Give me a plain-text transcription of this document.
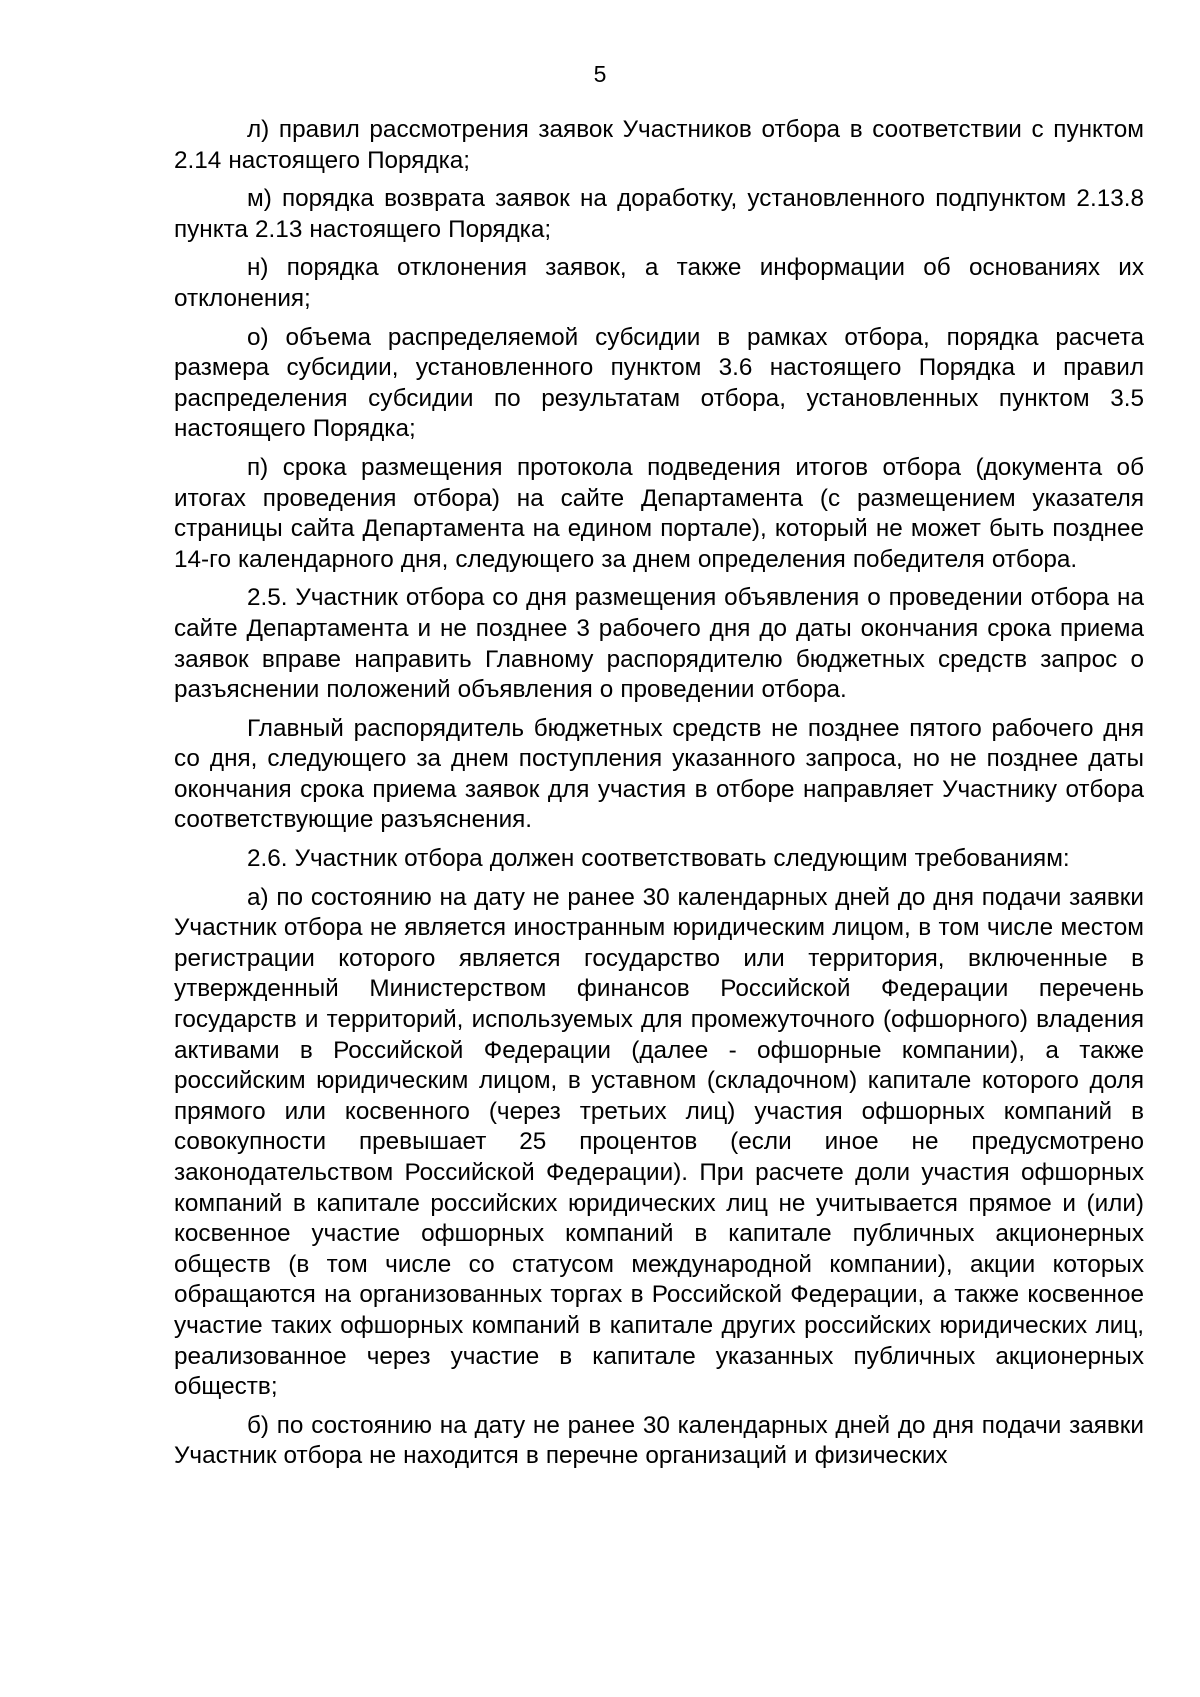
5

л) правил рассмотрения заявок Участников отбора в соответствии с пунктом 2.14 настоящего Порядка;

м) порядка возврата заявок на доработку, установленного подпунктом 2.13.8 пункта 2.13 настоящего Порядка;

н) порядка отклонения заявок, а также информации об основаниях их отклонения;

о) объема распределяемой субсидии в рамках отбора, порядка расчета размера субсидии, установленного пунктом 3.6 настоящего Порядка и правил распределения субсидии по результатам отбора, установленных пунктом 3.5 настоящего Порядка;

п) срока размещения протокола подведения итогов отбора (документа об итогах проведения отбора) на сайте Департамента (с размещением указателя страницы сайта Департамента на едином портале), который не может быть позднее 14-го календарного дня, следующего за днем определения победителя отбора.

2.5. Участник отбора со дня размещения объявления о проведении отбора на сайте Департамента и не позднее 3 рабочего дня до даты окончания срока приема заявок вправе направить Главному распорядителю бюджетных средств запрос о разъяснении положений объявления о проведении отбора.

Главный распорядитель бюджетных средств не позднее пятого рабочего дня со дня, следующего за днем поступления указанного запроса, но не позднее даты окончания срока приема заявок для участия в отборе направляет Участнику отбора соответствующие разъяснения.

2.6. Участник отбора должен соответствовать следующим требованиям:

а) по состоянию на дату не ранее 30 календарных дней до дня подачи заявки Участник отбора не является иностранным юридическим лицом, в том числе местом регистрации которого является государство или территория, включенные в утвержденный Министерством финансов Российской Федерации перечень государств и территорий, используемых для промежуточного (офшорного) владения активами в Российской Федерации (далее - офшорные компании), а также российским юридическим лицом, в уставном (складочном) капитале которого доля прямого или косвенного (через третьих лиц) участия офшорных компаний в совокупности превышает 25 процентов (если иное не предусмотрено законодательством Российской Федерации). При расчете доли участия офшорных компаний в капитале российских юридических лиц не учитывается прямое и (или) косвенное участие офшорных компаний в капитале публичных акционерных обществ (в том числе со статусом международной компании), акции которых обращаются на организованных торгах в Российской Федерации, а также косвенное участие таких офшорных компаний в капитале других российских юридических лиц, реализованное через участие в капитале указанных публичных акционерных обществ;

б) по состоянию на дату не ранее 30 календарных дней до дня подачи заявки Участник отбора не находится в перечне организаций и физических
